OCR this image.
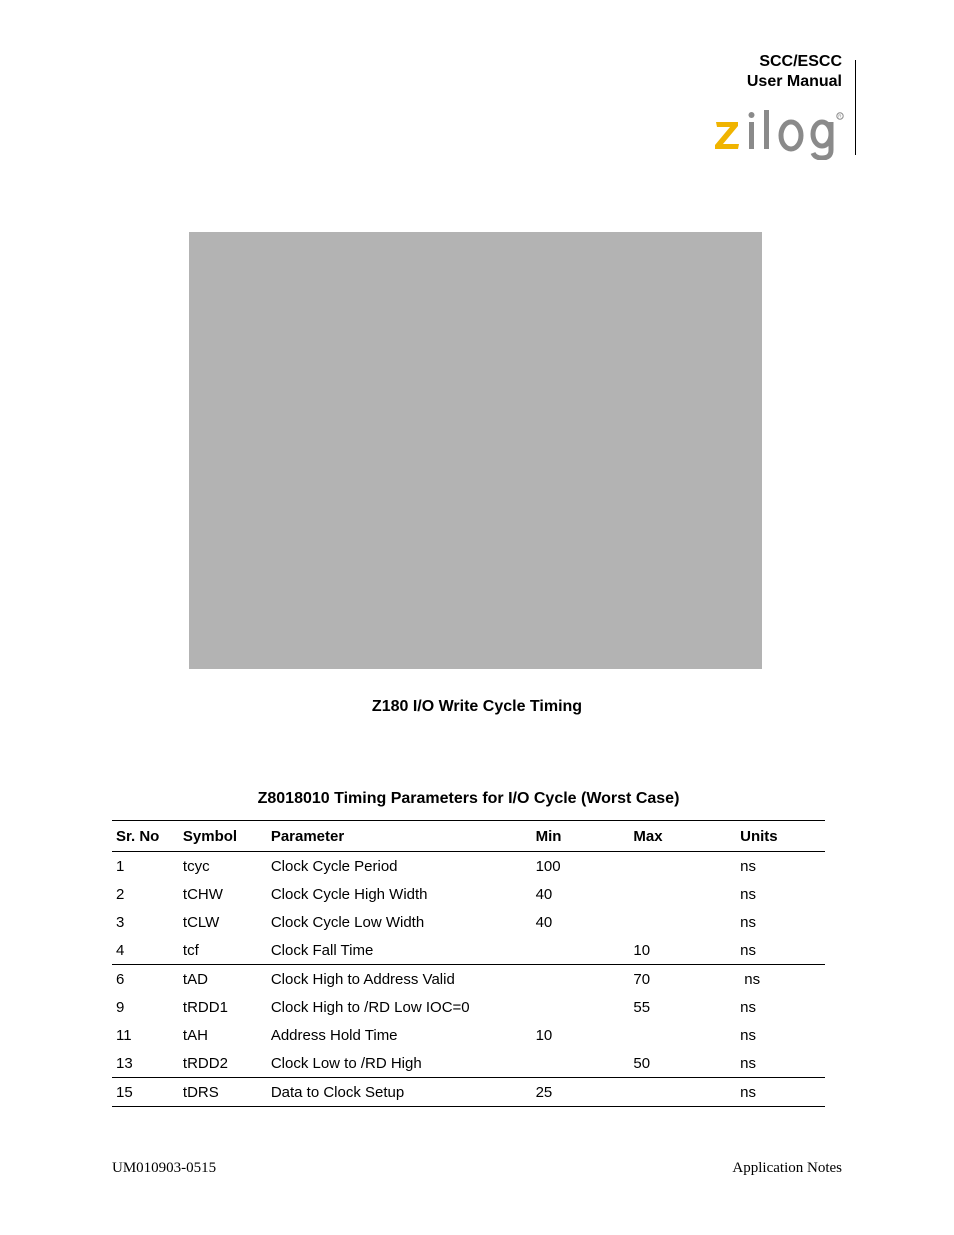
SCC/ESCC
User Manual
R
Z180 I/O Write Cycle Timing
Z8018010 Timing Parameters for I/O Cycle (Worst Case)
Sr. No	Symbol	Parameter	Min	Max	Units
1	tcyc	Clock Cycle Period	100		ns
2	tCHW	Clock Cycle High Width	40		ns
3	tCLW	Clock Cycle Low Width	40		ns
4	tcf	Clock Fall Time		10	ns
6	tAD	Clock High to Address Valid		70	ns
9	tRDD1	Clock High to /RD Low IOC=0		55	ns
11	tAH	Address Hold Time	10		ns
13	tRDD2	Clock Low to /RD High		50	ns
15	tDRS	Data to Clock Setup	25		ns
UM010903-0515	Application Notes
